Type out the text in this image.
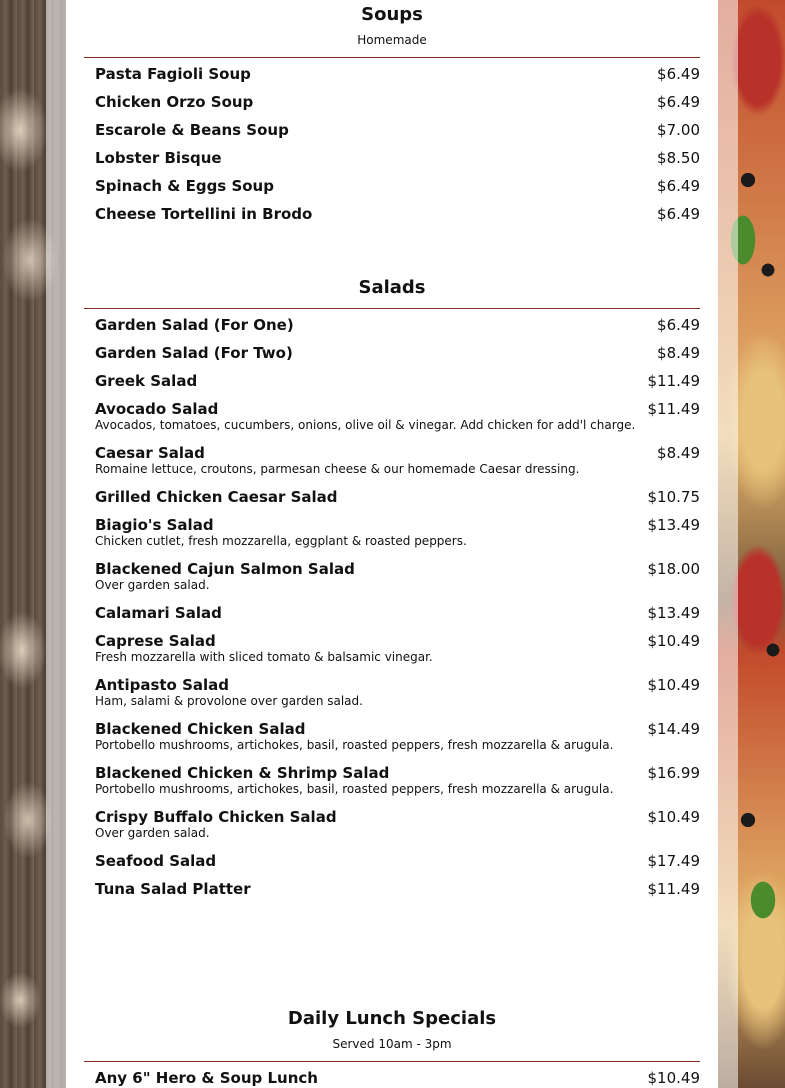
Soups
Homemade
Pasta Fagioli Soup	$6.49
Chicken Orzo Soup	$6.49
Escarole & Beans Soup	$7.00
Lobster Bisque	$8.50
Spinach & Eggs Soup	$6.49
Cheese Tortellini in Brodo	$6.49
Salads
Garden Salad (For One)	$6.49
Garden Salad (For Two)	$8.49
Greek Salad	$11.49
Avocado Salad	$11.49
Avocados, tomatoes, cucumbers, onions, olive oil & vinegar. Add chicken for add'l charge.
Caesar Salad	$8.49
Romaine lettuce, croutons, parmesan cheese & our homemade Caesar dressing.
Grilled Chicken Caesar Salad	$10.75
Biagio's Salad	$13.49
Chicken cutlet, fresh mozzarella, eggplant & roasted peppers.
Blackened Cajun Salmon Salad	$18.00
Over garden salad.
Calamari Salad	$13.49
Caprese Salad	$10.49
Fresh mozzarella with sliced tomato & balsamic vinegar.
Antipasto Salad	$10.49
Ham, salami & provolone over garden salad.
Blackened Chicken Salad	$14.49
Portobello mushrooms, artichokes, basil, roasted peppers, fresh mozzarella & arugula.
Blackened Chicken & Shrimp Salad	$16.99
Portobello mushrooms, artichokes, basil, roasted peppers, fresh mozzarella & arugula.
Crispy Buffalo Chicken Salad	$10.49
Over garden salad.
Seafood Salad	$17.49
Tuna Salad Platter	$11.49
Daily Lunch Specials
Served 10am - 3pm
Any 6" Hero & Soup Lunch	$10.49
